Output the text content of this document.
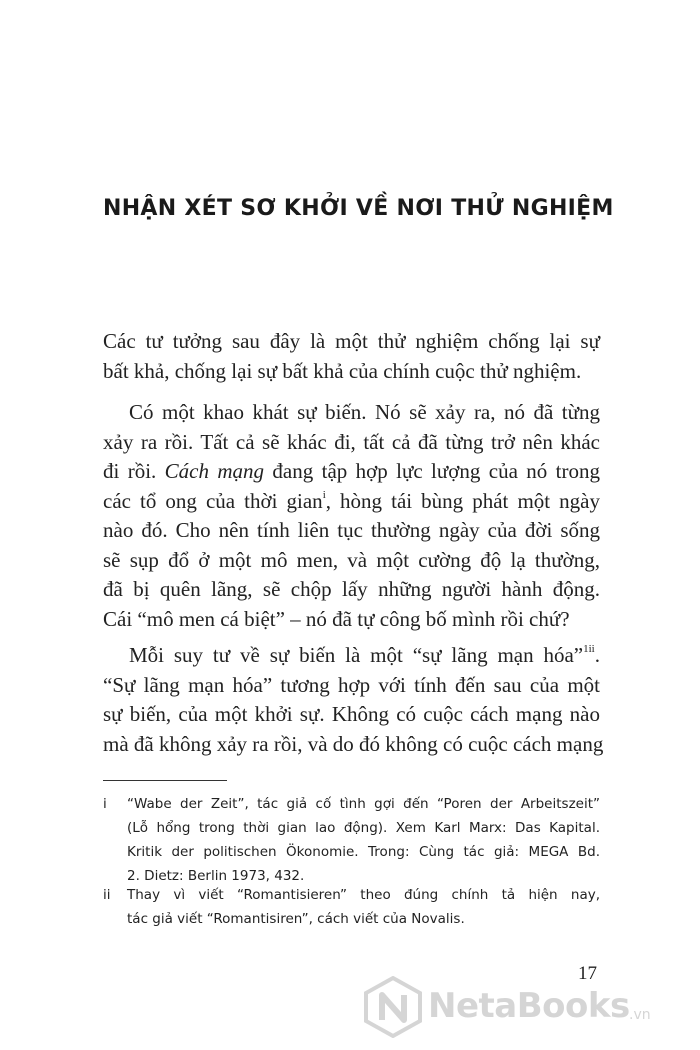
NHẬN XÉT SƠ KHỞI VỀ NƠI THỬ NGHIỆM
Các tư tưởng sau đây là một thử nghiệm chống lại sự
bất khả, chống lại sự bất khả của chính cuộc thử nghiệm.
Có một khao khát sự biến. Nó sẽ xảy ra, nó đã từng
xảy ra rồi. Tất cả sẽ khác đi, tất cả đã từng trở nên khác
đi rồi. Cách mạng đang tập hợp lực lượng của nó trong
các tổ ong của thời gian$^i$, hòng tái bùng phát một ngày
nào đó. Cho nên tính liên tục thường ngày của đời sống
sẽ sụp đổ ở một mô men, và một cường độ lạ thường,
đã bị quên lãng, sẽ chộp lấy những người hành động.
Cái “mô men cá biệt” – nó đã tự công bố mình rồi chứ?
Mỗi suy tư về sự biến là một “sự lãng mạn hóa”$^{1ii}$.
“Sự lãng mạn hóa” tương hợp với tính đến sau của một
sự biến, của một khởi sự. Không có cuộc cách mạng nào
mà đã không xảy ra rồi, và do đó không có cuộc cách mạng
i “Wabe der Zeit”, tác giả cố tình gợi đến “Poren der Arbeitszeit”
(Lỗ hổng trong thời gian lao động). Xem Karl Marx: Das Kapital.
Kritik der politischen Ökonomie. Trong: Cùng tác giả: MEGA Bd.
2. Dietz: Berlin 1973, 432.
ii Thay vì viết “Romantisieren” theo đúng chính tả hiện nay,
tác giả viết “Romantisiren”, cách viết của Novalis.
17
NetaBooks .vn
